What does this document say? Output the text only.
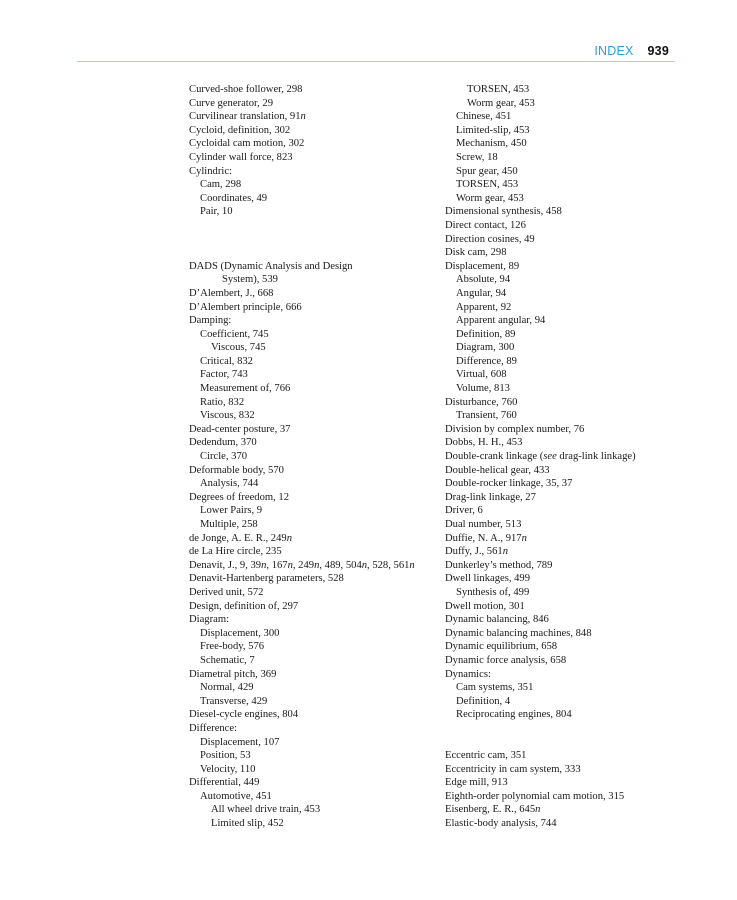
INDEX 939
Curved-shoe follower, 298
Curve generator, 29
Curvilinear translation, 91n
Cycloid, definition, 302
Cycloidal cam motion, 302
Cylinder wall force, 823
Cylindric:
Cam, 298
Coordinates, 49
Pair, 10
DADS (Dynamic Analysis and Design
System), 539
D’Alembert, J., 668
D’Alembert principle, 666
Damping:
Coefficient, 745
Viscous, 745
Critical, 832
Factor, 743
Measurement of, 766
Ratio, 832
Viscous, 832
Dead-center posture, 37
Dedendum, 370
Circle, 370
Deformable body, 570
Analysis, 744
Degrees of freedom, 12
Lower Pairs, 9
Multiple, 258
de Jonge, A. E. R., 249n
de La Hire circle, 235
Denavit, J., 9, 39n, 167n, 249n, 489, 504n, 528, 561n
Denavit-Hartenberg parameters, 528
Derived unit, 572
Design, definition of, 297
Diagram:
Displacement, 300
Free-body, 576
Schematic, 7
Diametral pitch, 369
Normal, 429
Transverse, 429
Diesel-cycle engines, 804
Difference:
Displacement, 107
Position, 53
Velocity, 110
Differential, 449
Automotive, 451
All wheel drive train, 453
Limited slip, 452
TORSEN, 453
Worm gear, 453
Chinese, 451
Limited-slip, 453
Mechanism, 450
Screw, 18
Spur gear, 450
TORSEN, 453
Worm gear, 453
Dimensional synthesis, 458
Direct contact, 126
Direction cosines, 49
Disk cam, 298
Displacement, 89
Absolute, 94
Angular, 94
Apparent, 92
Apparent angular, 94
Definition, 89
Diagram, 300
Difference, 89
Virtual, 608
Volume, 813
Disturbance, 760
Transient, 760
Division by complex number, 76
Dobbs, H. H., 453
Double-crank linkage (see drag-link linkage)
Double-helical gear, 433
Double-rocker linkage, 35, 37
Drag-link linkage, 27
Driver, 6
Dual number, 513
Duffie, N. A., 917n
Duffy, J., 561n
Dunkerley’s method, 789
Dwell linkages, 499
Synthesis of, 499
Dwell motion, 301
Dynamic balancing, 846
Dynamic balancing machines, 848
Dynamic equilibrium, 658
Dynamic force analysis, 658
Dynamics:
Cam systems, 351
Definition, 4
Reciprocating engines, 804
Eccentric cam, 351
Eccentricity in cam system, 333
Edge mill, 913
Eighth-order polynomial cam motion, 315
Eisenberg, E. R., 645n
Elastic-body analysis, 744
